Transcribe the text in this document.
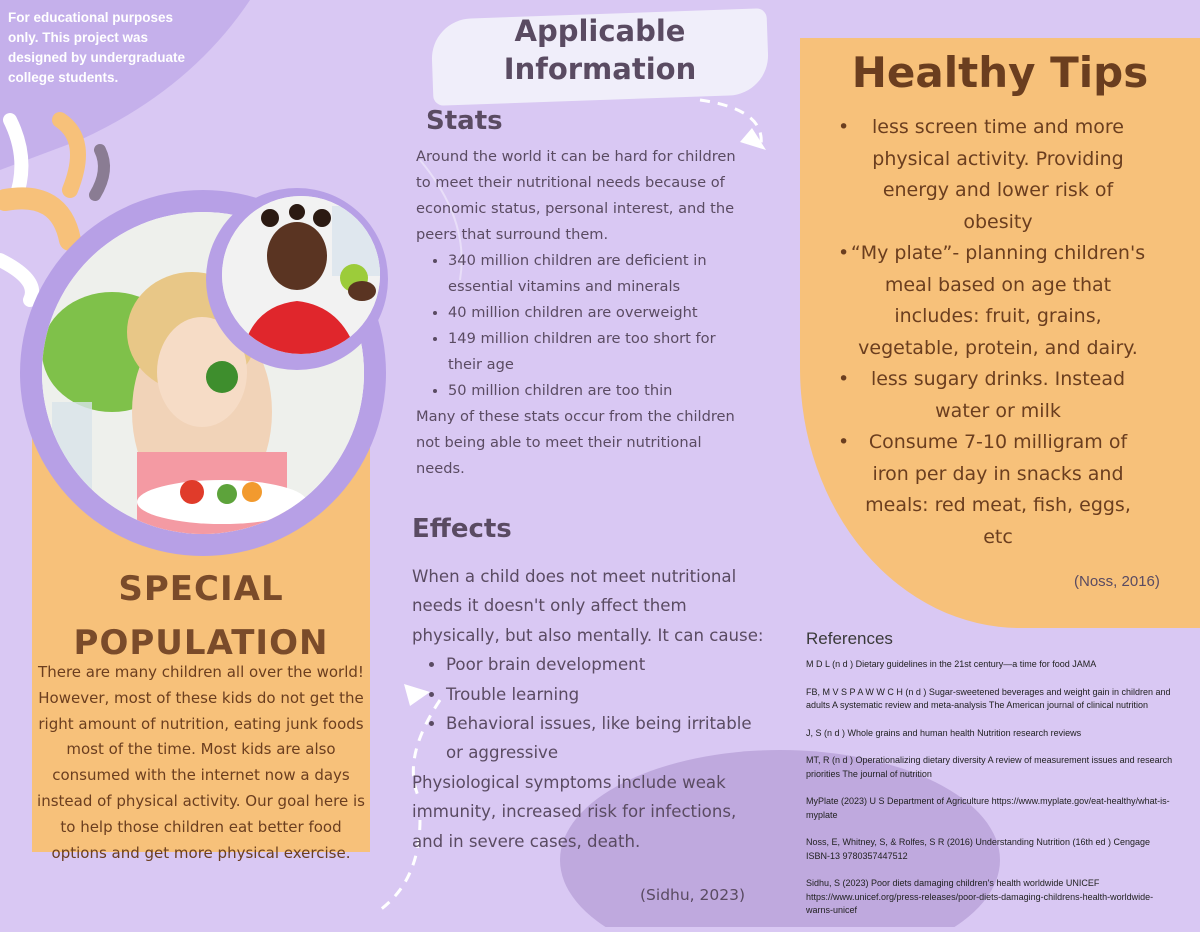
For educational purposes only. This project was designed by undergraduate college students.
SPECIAL
POPULATION
There are many children all over the world! However, most of these kids do not get the right amount of nutrition, eating junk foods most of the time. Most kids are also consumed with the internet now a days instead of physical activity. Our goal here is to help those children eat better food options and get more physical exercise.
Applicable
Information
Stats
Around the world it can be hard for children to meet their nutritional needs because of economic status, personal interest, and the peers that surround them.
• 340 million children are deficient in essential vitamins and minerals
• 40 million children are overweight
• 149 million children are too short for their age
• 50 million children are too thin
Many of these stats occur from the children not being able to meet their nutritional needs.
Effects
When a child does not meet nutritional needs it doesn't only affect them physically, but also mentally. It can cause:
• Poor brain development
• Trouble learning
• Behavioral issues, like being irritable or aggressive
Physiological symptoms include weak immunity, increased risk for infections, and in severe cases, death.
(Sidhu, 2023)
Healthy Tips
• less screen time and more physical activity. Providing energy and lower risk of obesity
• “My plate”- planning children's meal based on age that includes: fruit, grains, vegetable, protein, and dairy.
• less sugary drinks. Instead water or milk
• Consume 7-10 milligram of iron per day in snacks and meals: red meat, fish, eggs, etc
(Noss, 2016)
References
M D L (n d ) Dietary guidelines in the 21st century—a time for food JAMA
FB, M V S P A W W C H (n d ) Sugar-sweetened beverages and weight gain in children and adults A systematic review and meta-analysis The American journal of clinical nutrition
J, S (n d ) Whole grains and human health Nutrition research reviews
MT, R (n d ) Operationalizing dietary diversity A review of measurement issues and research priorities The journal of nutrition
MyPlate (2023) U S Department of Agriculture https://www.myplate.gov/eat-healthy/what-is-myplate
Noss, E, Whitney, S, & Rolfes, S R (2016) Understanding Nutrition (16th ed ) Cengage ISBN-13 9780357447512
Sidhu, S (2023) Poor diets damaging children's health worldwide UNICEF https://www.unicef.org/press-releases/poor-diets-damaging-childrens-health-worldwide-warns-unicef
